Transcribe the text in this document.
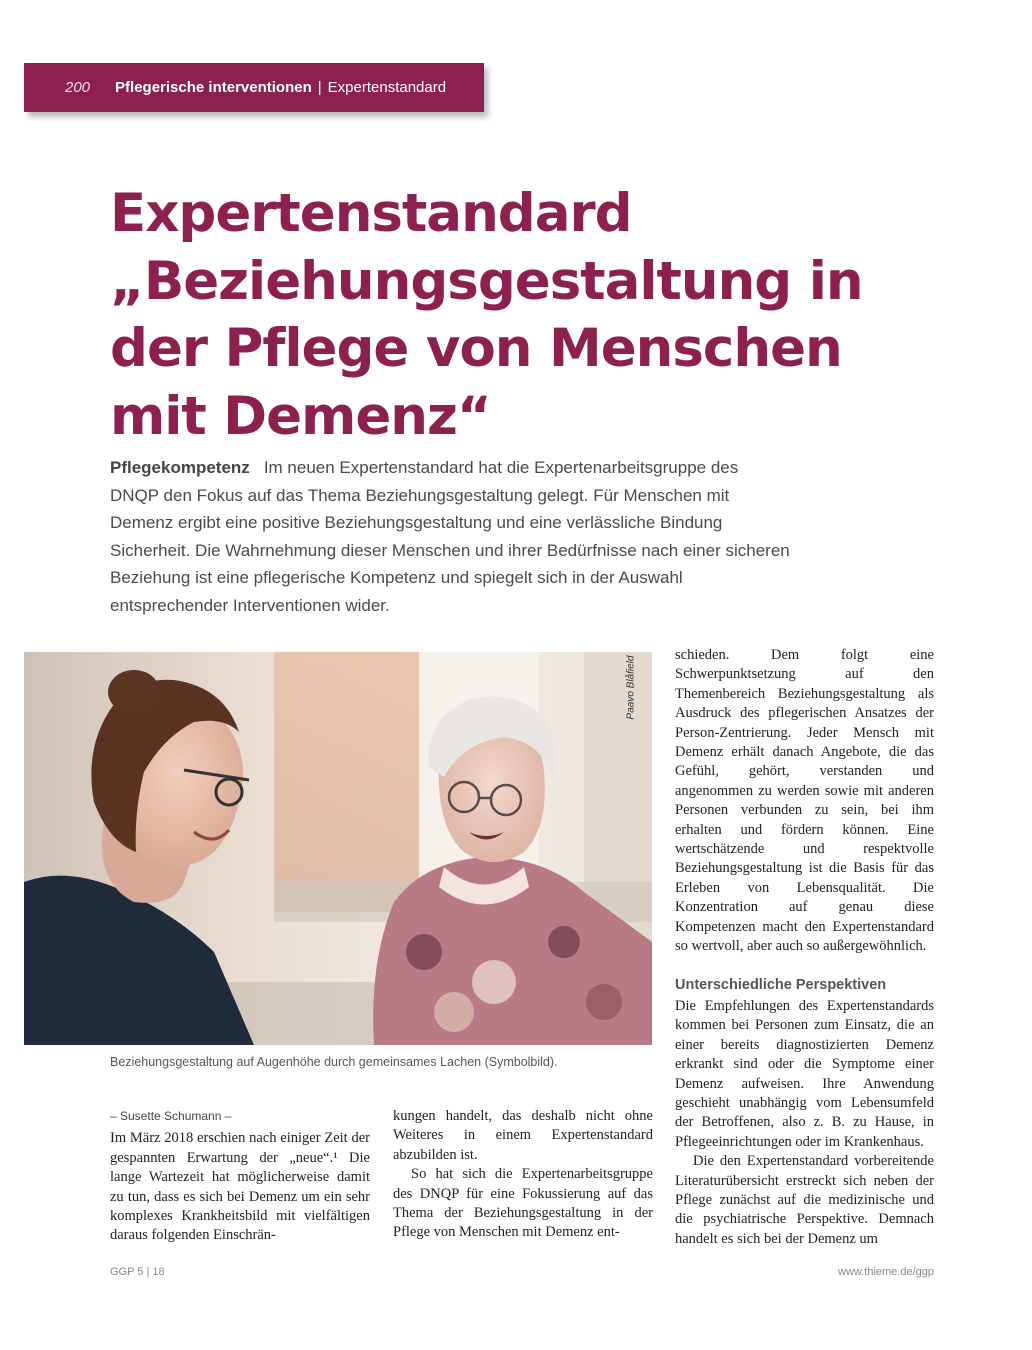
200 Pflegerische interventionen | Expertenstandard
Expertenstandard „Beziehungsgestaltung in der Pflege von Menschen mit Demenz“

Pflegekompetenz Im neuen Expertenstandard hat die Expertenarbeitsgruppe des DNQP den Fokus auf das Thema Beziehungsgestaltung gelegt. Für Menschen mit Demenz ergibt eine positive Beziehungsgestaltung und eine verlässliche Bindung Sicherheit. Die Wahrnehmung dieser Menschen und ihrer Bedürfnisse nach einer sicheren Beziehung ist eine pflegerische Kompetenz und spiegelt sich in der Auswahl entsprechender Interventionen wider.

Paavo Blåfield

Beziehungsgestaltung auf Augenhöhe durch gemeinsames Lachen (Symbolbild).

– Susette Schumann –

Im März 2018 erschien nach einiger Zeit der gespannten Erwartung der „neue“.¹ Die lange Wartezeit hat möglicherweise damit zu tun, dass es sich bei Demenz um ein sehr komplexes Krankheitsbild mit vielfältigen daraus folgenden Einschrän-

kungen handelt, das deshalb nicht ohne Weiteres in einem Expertenstandard abzubilden ist.

So hat sich die Expertenarbeitsgruppe des DNQP für eine Fokussierung auf das Thema der Beziehungsgestaltung in der Pflege von Menschen mit Demenz ent-

schieden. Dem folgt eine Schwerpunktsetzung auf den Themenbereich Beziehungsgestaltung als Ausdruck des pflegerischen Ansatzes der Person-Zentrierung. Jeder Mensch mit Demenz erhält danach Angebote, die das Gefühl, gehört, verstanden und angenommen zu werden sowie mit anderen Personen verbunden zu sein, bei ihm erhalten und fördern können. Eine wertschätzende und respektvolle Beziehungsgestaltung ist die Basis für das Erleben von Lebensqualität. Die Konzentration auf genau diese Kompetenzen macht den Expertenstandard so wertvoll, aber auch so außergewöhnlich.

Unterschiedliche Perspektiven

Die Empfehlungen des Expertenstandards kommen bei Personen zum Einsatz, die an einer bereits diagnostizierten Demenz erkrankt sind oder die Symptome einer Demenz aufweisen. Ihre Anwendung geschieht unabhängig vom Lebensumfeld der Betroffenen, also z. B. zu Hause, in Pflegeeinrichtungen oder im Krankenhaus.

Die den Expertenstandard vorbereitende Literaturübersicht erstreckt sich neben der Pflege zunächst auf die medizinische und die psychiatrische Perspektive. Demnach handelt es sich bei der Demenz um

GGP 5 | 18	www.thieme.de/ggp
